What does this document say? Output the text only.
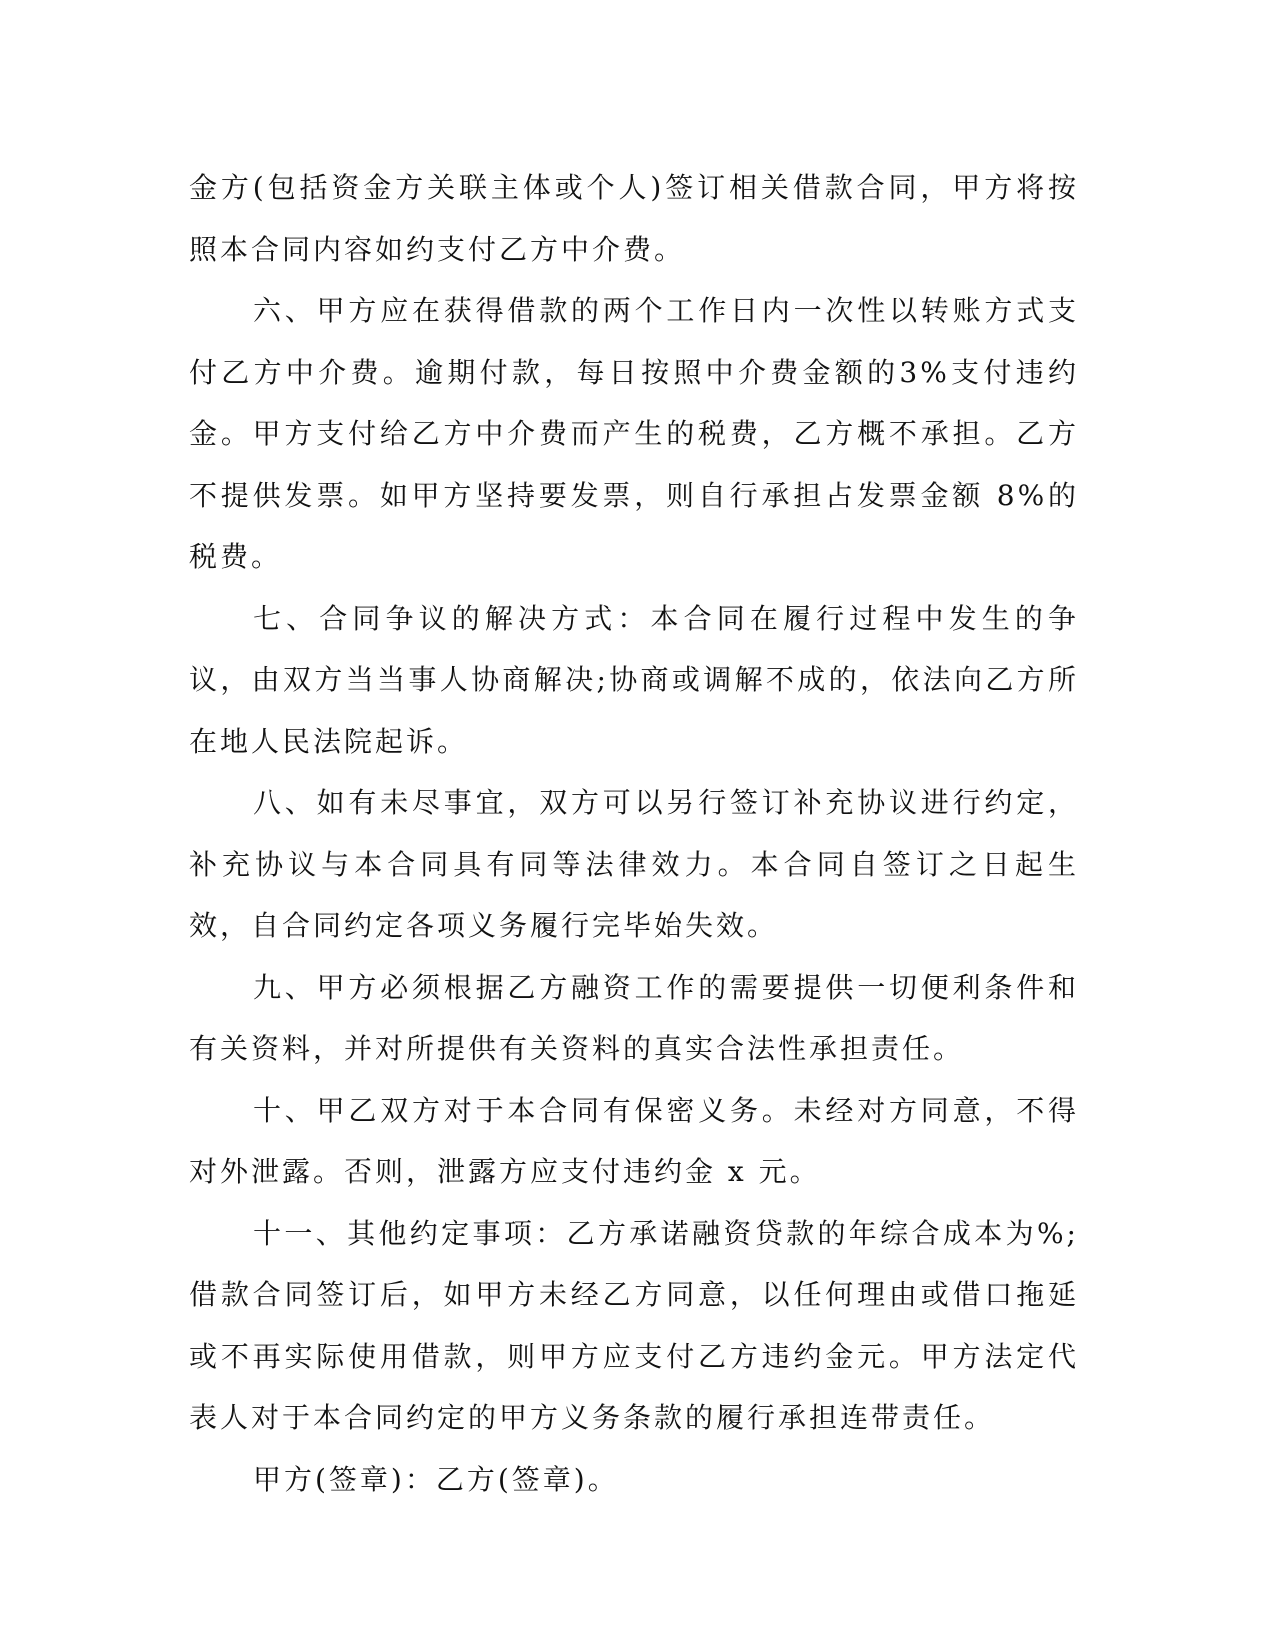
金方(包括资金方关联主体或个人)签订相关借款合同，甲方将按照本合同内容如约支付乙方中介费。

六、甲方应在获得借款的两个工作日内一次性以转账方式支付乙方中介费。逾期付款，每日按照中介费金额的3%支付违约金。甲方支付给乙方中介费而产生的税费，乙方概不承担。乙方不提供发票。如甲方坚持要发票，则自行承担占发票金额 8%的税费。

七、合同争议的解决方式：本合同在履行过程中发生的争议，由双方当当事人协商解决;协商或调解不成的，依法向乙方所在地人民法院起诉。

八、如有未尽事宜，双方可以另行签订补充协议进行约定，补充协议与本合同具有同等法律效力。本合同自签订之日起生效，自合同约定各项义务履行完毕始失效。

九、甲方必须根据乙方融资工作的需要提供一切便利条件和有关资料，并对所提供有关资料的真实合法性承担责任。

十、甲乙双方对于本合同有保密义务。未经对方同意，不得对外泄露。否则，泄露方应支付违约金 x 元。

十一、其他约定事项：乙方承诺融资贷款的年综合成本为%;借款合同签订后，如甲方未经乙方同意，以任何理由或借口拖延或不再实际使用借款，则甲方应支付乙方违约金元。甲方法定代表人对于本合同约定的甲方义务条款的履行承担连带责任。

甲方(签章)：乙方(签章)。
